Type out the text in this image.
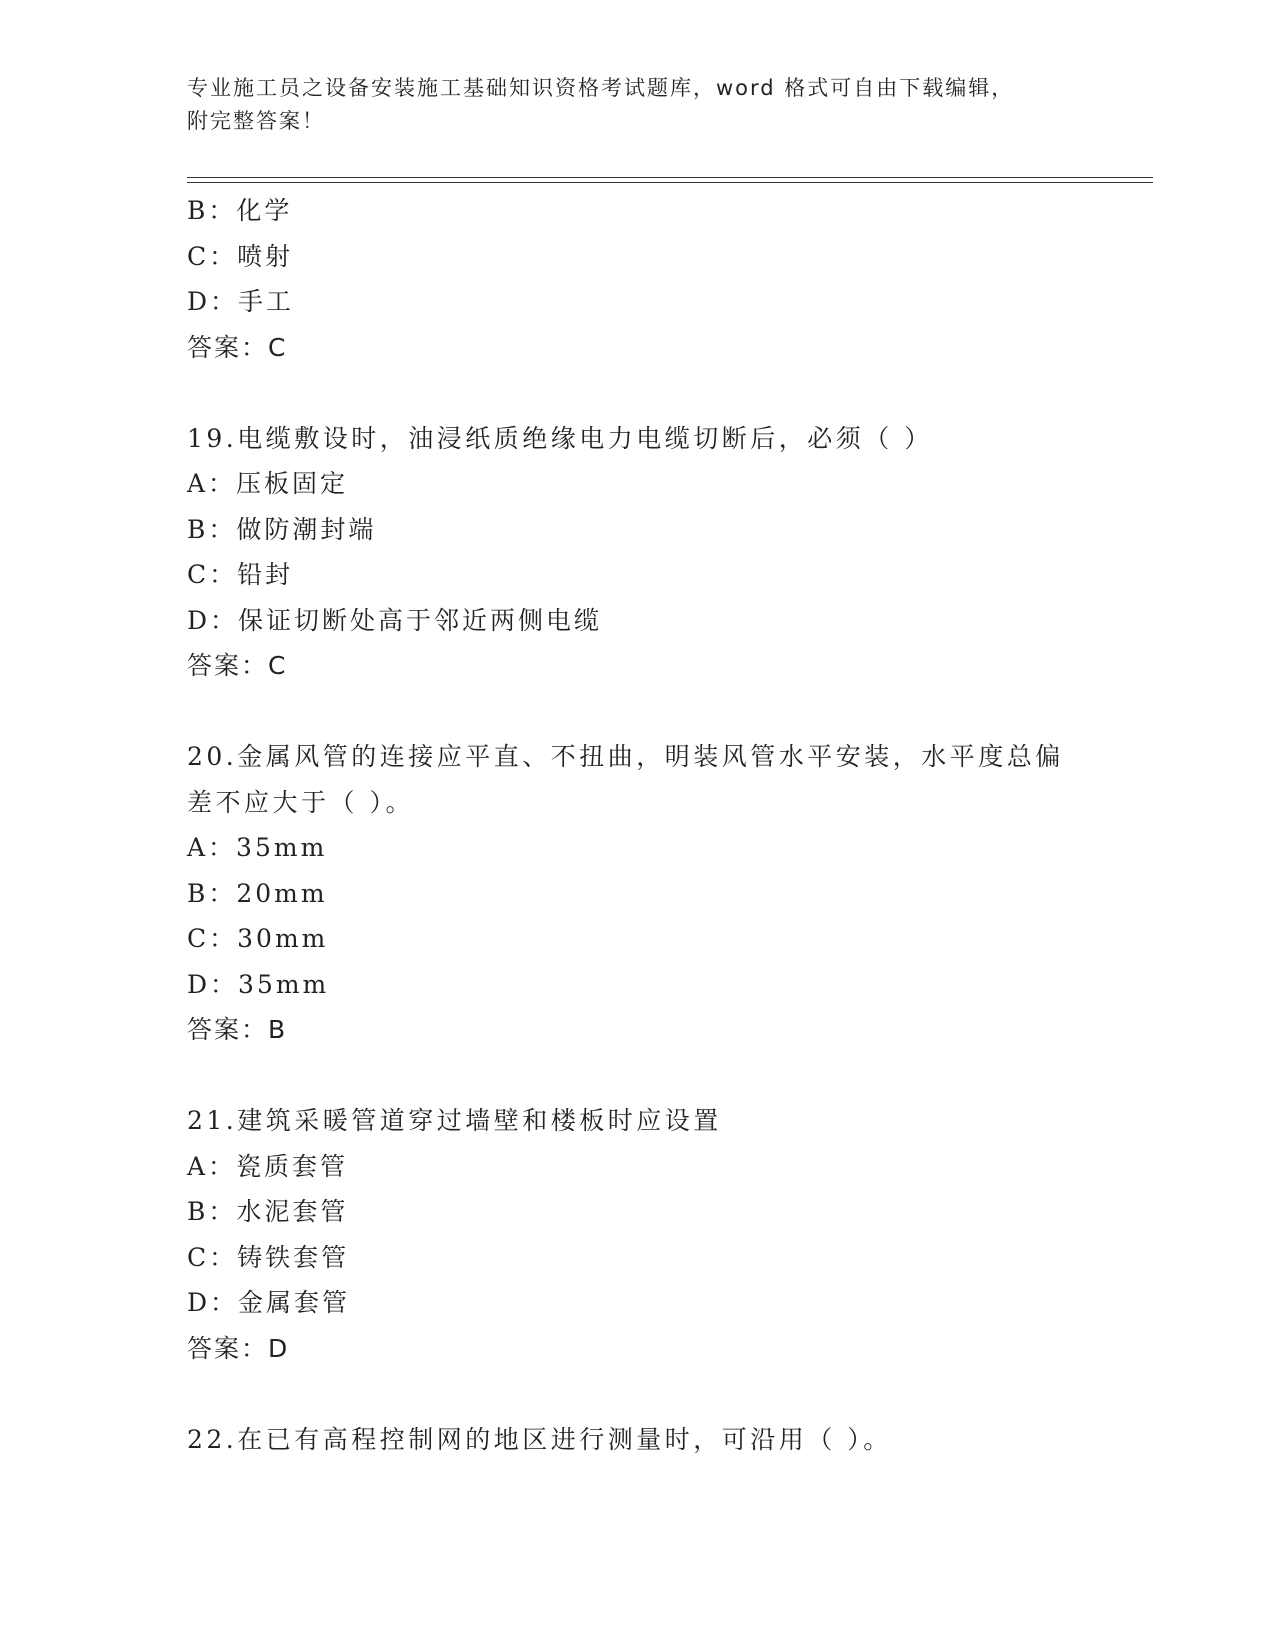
专业施工员之设备安装施工基础知识资格考试题库，word 格式可自由下载编辑，
附完整答案！
B：化学
C：喷射
D：手工
答案：C
19.电缆敷设时，油浸纸质绝缘电力电缆切断后，必须（ ）
A：压板固定
B：做防潮封端
C：铅封
D：保证切断处高于邻近两侧电缆
答案：C
20.金属风管的连接应平直、不扭曲，明装风管水平安装，水平度总偏差不应大于（ ）。
A：35mm
B：20mm
C：30mm
D：35mm
答案：B
21.建筑采暖管道穿过墙壁和楼板时应设置
A：瓷质套管
B：水泥套管
C：铸铁套管
D：金属套管
答案：D
22.在已有高程控制网的地区进行测量时，可沿用（ ）。
